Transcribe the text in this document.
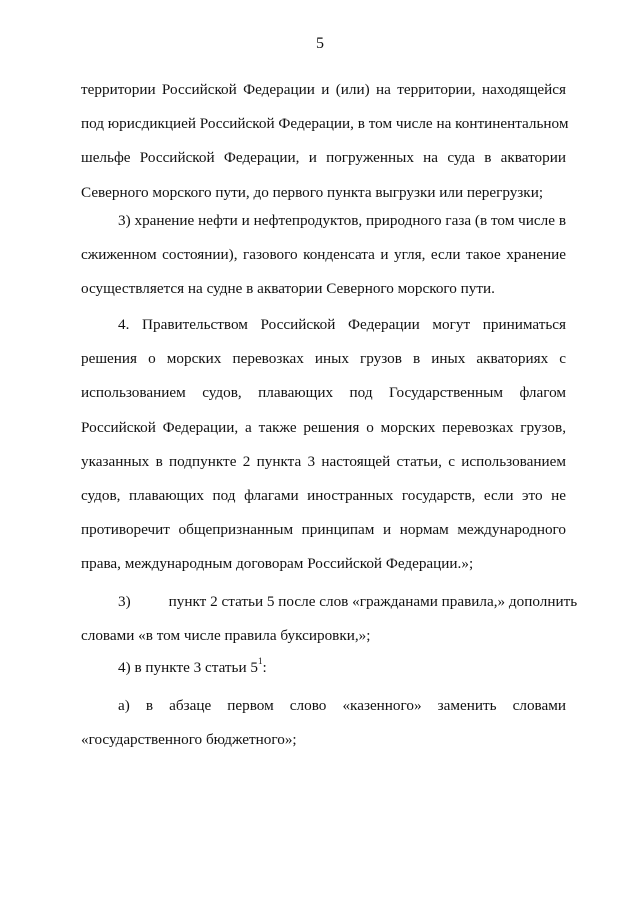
5
территории Российской Федерации и (или) на территории, находящейся
под юрисдикцией Российской Федерации, в том числе на континентальном
шельфе Российской Федерации, и погруженных на суда в акватории
Северного морского пути, до первого пункта выгрузки или перегрузки;
3) хранение нефти и нефтепродуктов, природного газа (в том числе в
сжиженном состоянии), газового конденсата и угля, если такое хранение
осуществляется на судне в акватории Северного морского пути.
4. Правительством Российской Федерации могут приниматься
решения о морских перевозках иных грузов в иных акваториях с
использованием судов, плавающих под Государственным флагом
Российской Федерации, а также решения о морских перевозках грузов,
указанных в подпункте 2 пункта 3 настоящей статьи, с использованием
судов, плавающих под флагами иностранных государств, если это не
противоречит общепризнанным принципам и нормам международного
права, международным договорам Российской Федерации.»;
3)	пункт 2 статьи 5 после слов «гражданами правила,» дополнить
словами «в том числе правила буксировки,»;
4) в пункте 3 статьи $5^1$:
а) в абзаце первом слово «казенного» заменить словами
«государственного бюджетного»;
